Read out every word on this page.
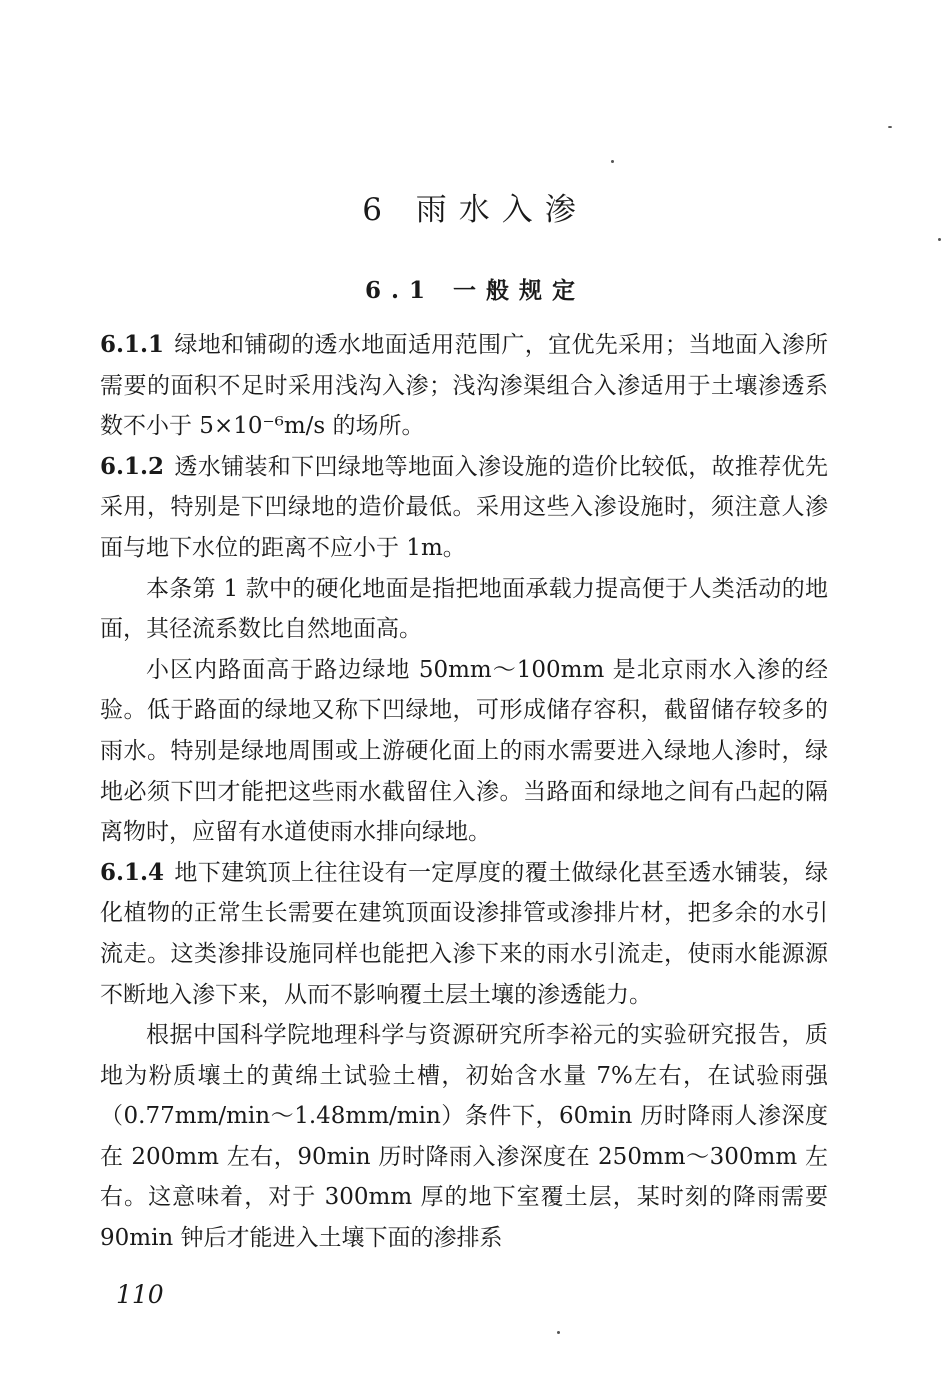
6 雨水入渗
6.1 一般规定

6.1.1 绿地和铺砌的透水地面适用范围广，宜优先采用；当地面入渗所需要的面积不足时采用浅沟入渗；浅沟渗渠组合入渗适用于土壤渗透系数不小于 5×10⁻⁶m/s 的场所。

6.1.2 透水铺装和下凹绿地等地面入渗设施的造价比较低，故推荐优先采用，特别是下凹绿地的造价最低。采用这些入渗设施时，须注意人渗面与地下水位的距离不应小于 1m。

本条第 1 款中的硬化地面是指把地面承载力提高便于人类活动的地面，其径流系数比自然地面高。

小区内路面高于路边绿地 50mm～100mm 是北京雨水入渗的经验。低于路面的绿地又称下凹绿地，可形成储存容积，截留储存较多的雨水。特别是绿地周围或上游硬化面上的雨水需要进入绿地人渗时，绿地必须下凹才能把这些雨水截留住入渗。当路面和绿地之间有凸起的隔离物时，应留有水道使雨水排向绿地。

6.1.4 地下建筑顶上往往设有一定厚度的覆土做绿化甚至透水铺装，绿化植物的正常生长需要在建筑顶面设渗排管或渗排片材，把多余的水引流走。这类渗排设施同样也能把入渗下来的雨水引流走，使雨水能源源不断地入渗下来，从而不影响覆土层土壤的渗透能力。

根据中国科学院地理科学与资源研究所李裕元的实验研究报告，质地为粉质壤土的黄绵土试验土槽，初始含水量 7%左右，在试验雨强（0.77mm/min～1.48mm/min）条件下，60min 历时降雨人渗深度在 200mm 左右，90min 历时降雨入渗深度在 250mm～300mm 左右。这意味着，对于 300mm 厚的地下室覆土层，某时刻的降雨需要 90min 钟后才能进入土壤下面的渗排系

110
